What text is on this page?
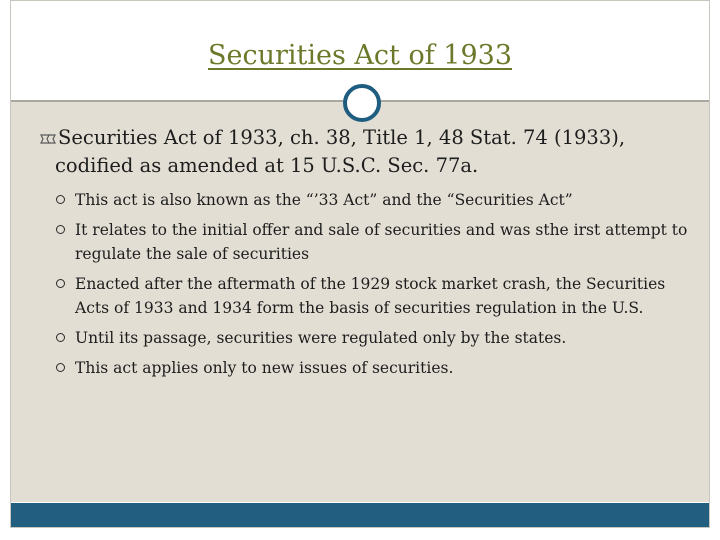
Securities Act of 1933
Securities Act of 1933, ch. 38, Title 1, 48 Stat. 74 (1933),
codified as amended at 15 U.S.C. Sec. 77a.
This act is also known as the “’33 Act” and the “Securities Act”
It relates to the initial offer and sale of securities and was sthe irst attempt to regulate the sale of securities
Enacted after the aftermath of the 1929 stock market crash, the Securities Acts of 1933 and 1934 form the basis of securities regulation in the U.S.
Until its passage, securities were regulated only by the states.
This act applies only to new issues of securities.
